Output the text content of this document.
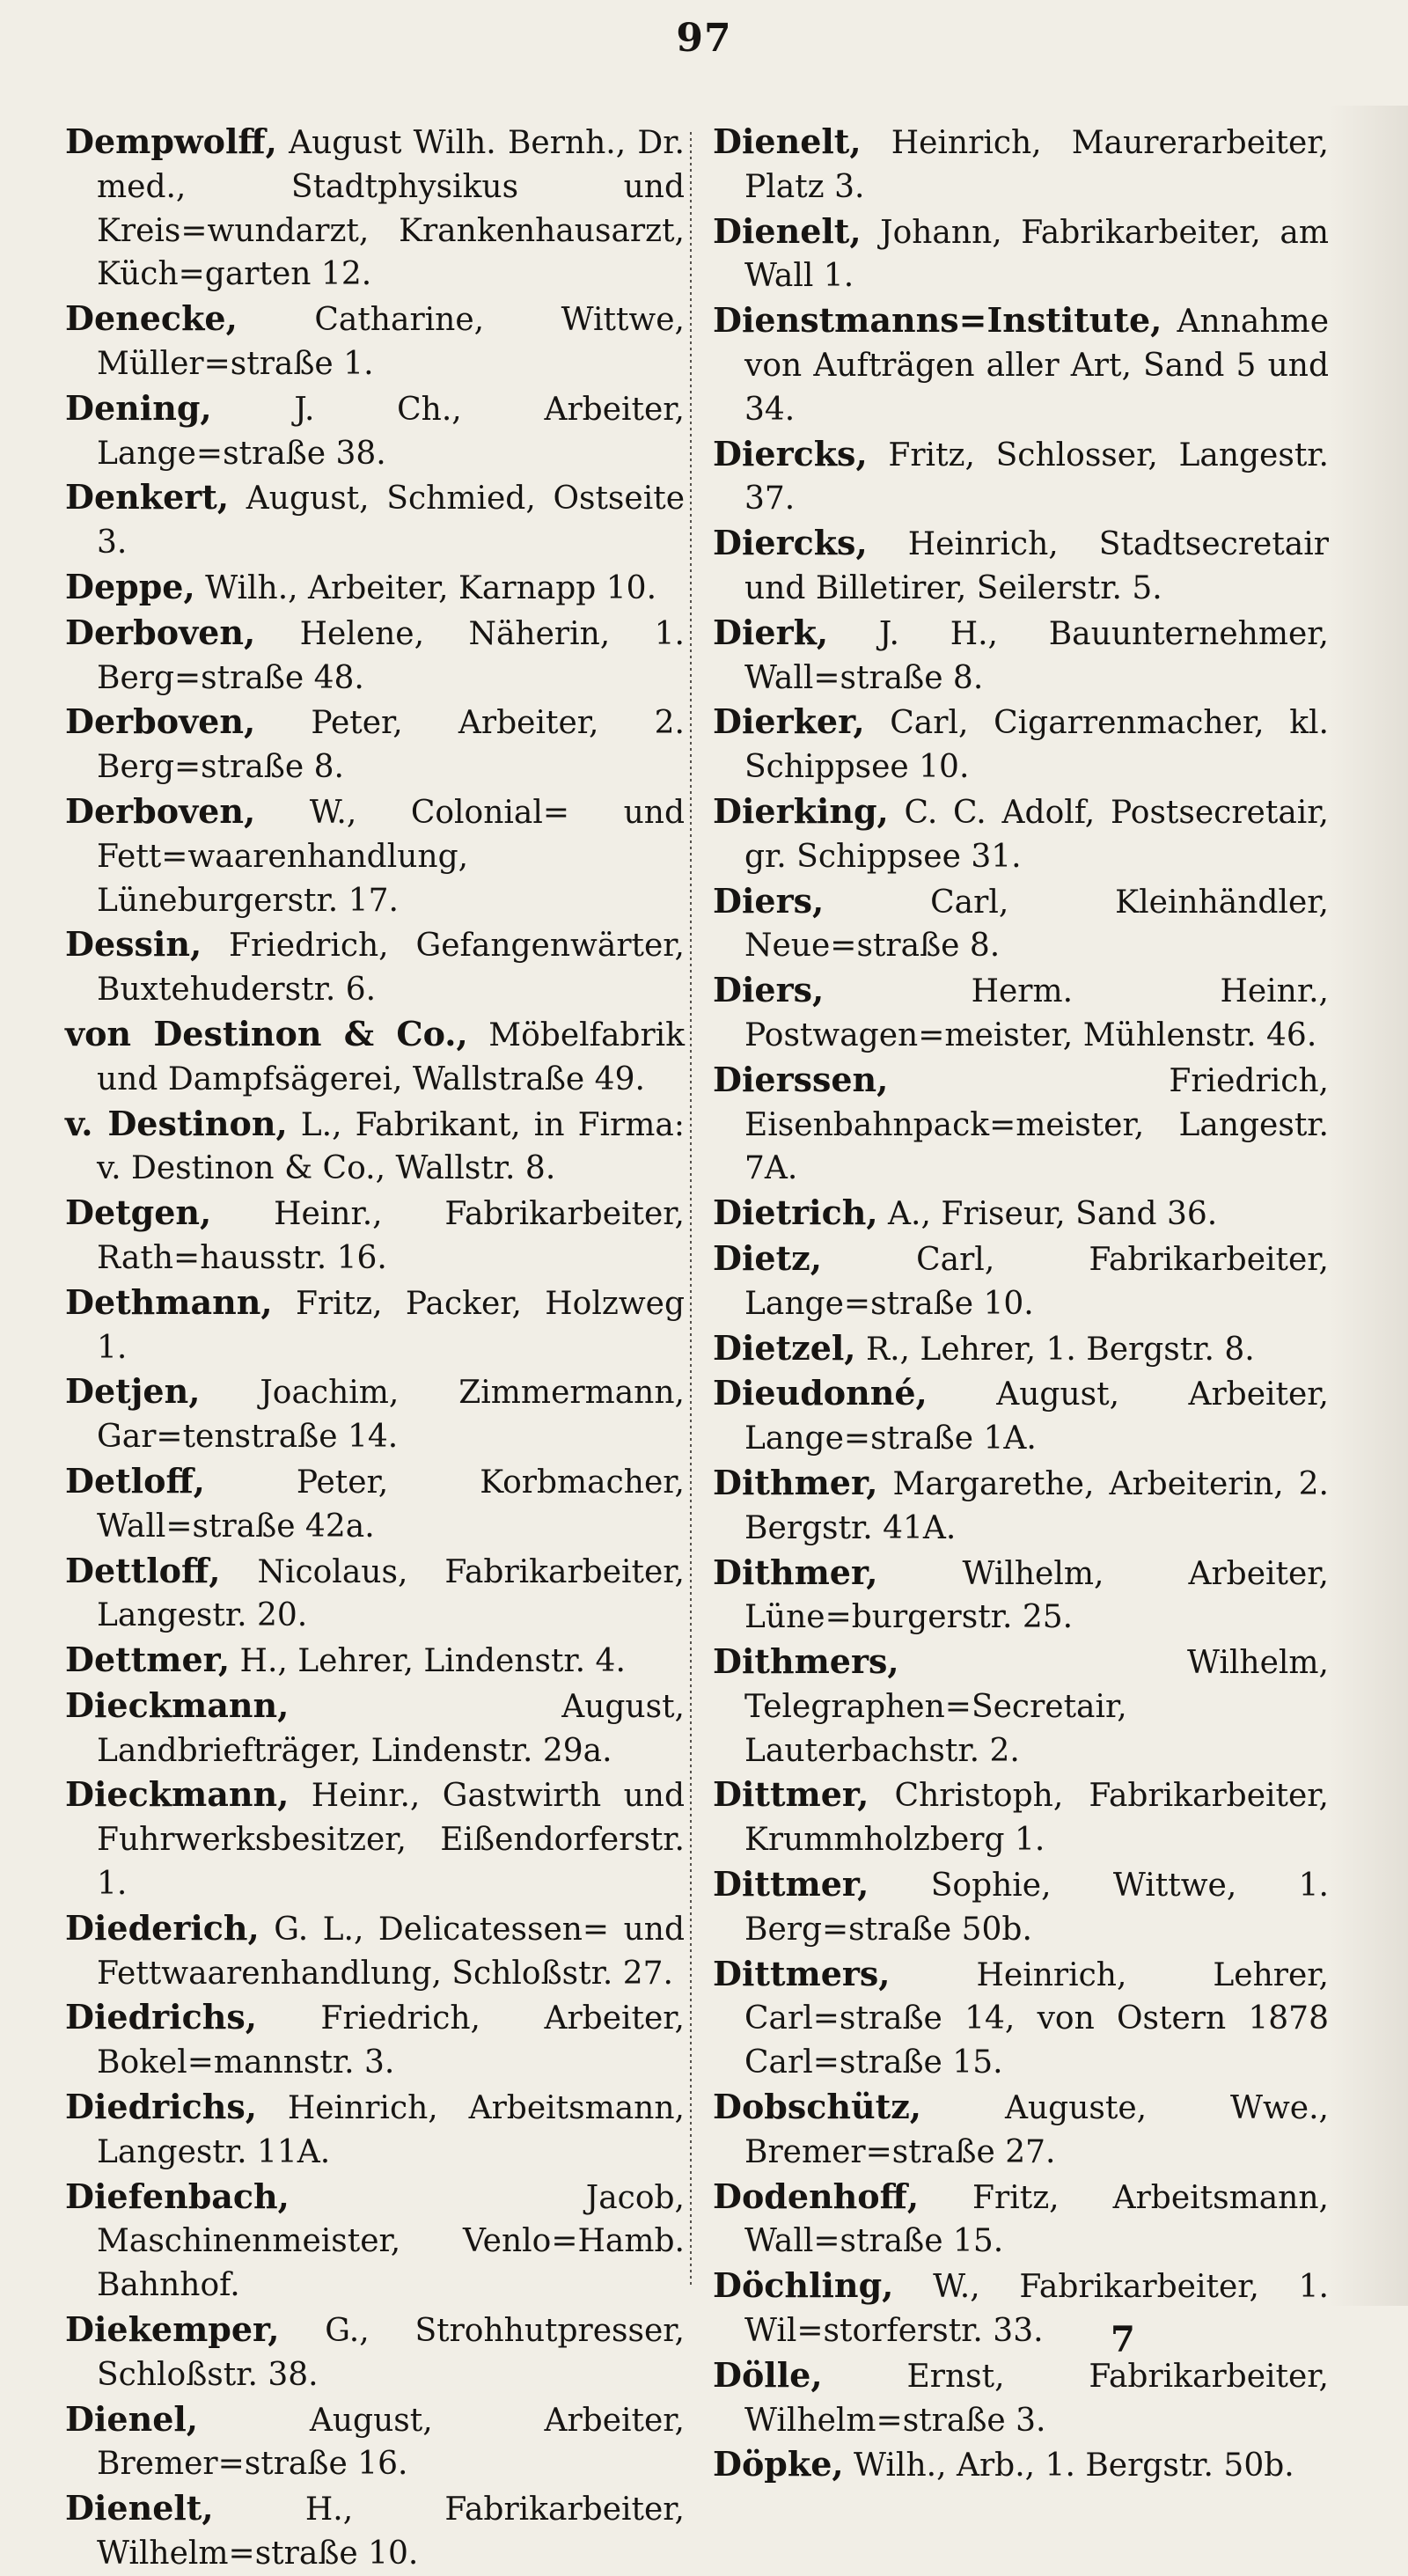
97

Dempwolff, August Wilh. Bernh., Dr. med., Stadtphysikus und Kreis=wundarzt, Krankenhausarzt, Küch=garten 12.

Denecke, Catharine, Wittwe, Müller=straße 1.

Dening, J. Ch., Arbeiter, Lange=straße 38.

Denkert, August, Schmied, Ostseite 3.

Deppe, Wilh., Arbeiter, Karnapp 10.

Derboven, Helene, Näherin, 1. Berg=straße 48.

Derboven, Peter, Arbeiter, 2. Berg=straße 8.

Derboven, W., Colonial= und Fett=waarenhandlung, Lüneburgerstr. 17.

Dessin, Friedrich, Gefangenwärter, Buxtehuderstr. 6.

von Destinon & Co., Möbelfabrik und Dampfsägerei, Wallstraße 49.

v. Destinon, L., Fabrikant, in Firma: v. Destinon & Co., Wallstr. 8.

Detgen, Heinr., Fabrikarbeiter, Rath=hausstr. 16.

Dethmann, Fritz, Packer, Holzweg 1.

Detjen, Joachim, Zimmermann, Gar=tenstraße 14.

Detloff, Peter, Korbmacher, Wall=straße 42a.

Dettloff, Nicolaus, Fabrikarbeiter, Langestr. 20.

Dettmer, H., Lehrer, Lindenstr. 4.

Dieckmann, August, Landbriefträger, Lindenstr. 29a.

Dieckmann, Heinr., Gastwirth und Fuhrwerksbesitzer, Eißendorferstr. 1.

Diederich, G. L., Delicatessen= und Fettwaarenhandlung, Schloßstr. 27.

Diedrichs, Friedrich, Arbeiter, Bokel=mannstr. 3.

Diedrichs, Heinrich, Arbeitsmann, Langestr. 11A.

Diefenbach, Jacob, Maschinenmeister, Venlo=Hamb. Bahnhof.

Diekemper, G., Strohhutpresser, Schloßstr. 38.

Dienel, August, Arbeiter, Bremer=straße 16.

Dienelt, H., Fabrikarbeiter, Wilhelm=straße 10.

Dienelt, Heinrich, Maurerarbeiter, Platz 3.

Dienelt, Johann, Fabrikarbeiter, am Wall 1.

Dienstmanns=Institute, Annahme von Aufträgen aller Art, Sand 5 und 34.

Diercks, Fritz, Schlosser, Langestr. 37.

Diercks, Heinrich, Stadtsecretair und Billetirer, Seilerstr. 5.

Dierk, J. H., Bauunternehmer, Wall=straße 8.

Dierker, Carl, Cigarrenmacher, kl. Schippsee 10.

Dierking, C. C. Adolf, Postsecretair, gr. Schippsee 31.

Diers, Carl, Kleinhändler, Neue=straße 8.

Diers, Herm. Heinr., Postwagen=meister, Mühlenstr. 46.

Dierssen, Friedrich, Eisenbahnpack=meister, Langestr. 7A.

Dietrich, A., Friseur, Sand 36.

Dietz, Carl, Fabrikarbeiter, Lange=straße 10.

Dietzel, R., Lehrer, 1. Bergstr. 8.

Dieudonné, August, Arbeiter, Lange=straße 1A.

Dithmer, Margarethe, Arbeiterin, 2. Bergstr. 41A.

Dithmer, Wilhelm, Arbeiter, Lüne=burgerstr. 25.

Dithmers, Wilhelm, Telegraphen=Secretair, Lauterbachstr. 2.

Dittmer, Christoph, Fabrikarbeiter, Krummholzberg 1.

Dittmer, Sophie, Wittwe, 1. Berg=straße 50b.

Dittmers, Heinrich, Lehrer, Carl=straße 14, von Ostern 1878 Carl=straße 15.

Dobschütz, Auguste, Wwe., Bremer=straße 27.

Dodenhoff, Fritz, Arbeitsmann, Wall=straße 15.

Döchling, W., Fabrikarbeiter, 1. Wil=storferstr. 33.

Dölle, Ernst, Fabrikarbeiter, Wilhelm=straße 3.

Döpke, Wilh., Arb., 1. Bergstr. 50b.

7
